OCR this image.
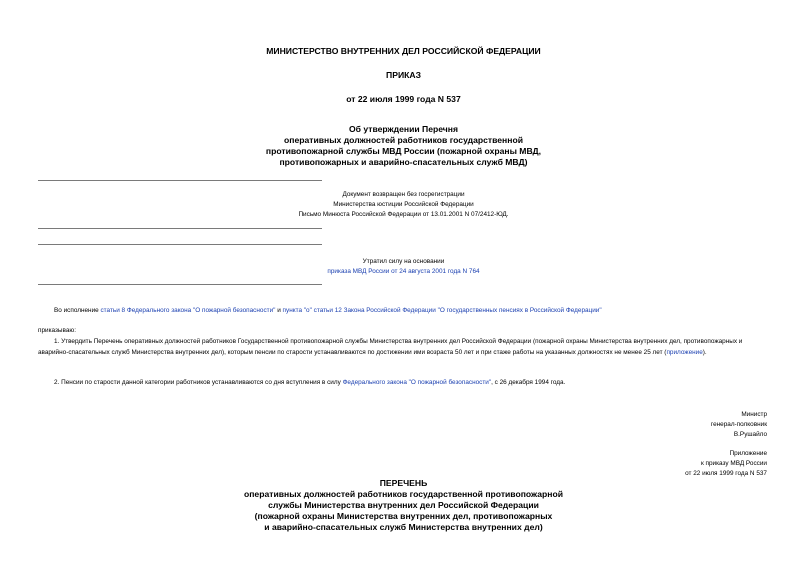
МИНИСТЕРСТВО ВНУТРЕННИХ ДЕЛ РОССИЙСКОЙ ФЕДЕРАЦИИ
ПРИКАЗ
от 22 июля 1999 года N 537
Об утверждении Перечня
оперативных должностей работников государственной
противопожарной службы МВД России (пожарной охраны МВД,
противопожарных и аварийно-спасательных служб МВД)
Документ возвращен без госрегистрации
Министерства юстиции Российской Федерации
Письмо Минюста Российской Федерации от 13.01.2001 N 07/2412-ЮД.
Утратил силу на основании
приказа МВД России от 24 августа 2001 года N 764
Во исполнение статьи 8 Федерального закона "О пожарной безопасности" и пункта "о" статьи 12 Закона Российской Федерации "О государственных пенсиях в Российской Федерации"
приказываю:
1. Утвердить Перечень оперативных должностей работников Государственной противопожарной службы Министерства внутренних дел Российской Федерации (пожарной охраны Министерства внутренних дел, противопожарных и аварийно-спасательных служб Министерства внутренних дел), которым пенсии по старости устанавливаются по достижении ими возраста 50 лет и при стаже работы на указанных должностях не менее 25 лет (приложение).
2. Пенсии по старости данной категории работников устанавливаются со дня вступления в силу Федерального закона "О пожарной безопасности", с 26 декабря 1994 года.
Министр
генерал-полковник
В.Рушайло
Приложение
к приказу МВД России
от 22 июля 1999 года N 537
ПЕРЕЧЕНЬ
оперативных должностей работников государственной противопожарной
службы Министерства внутренних дел Российской Федерации
(пожарной охраны Министерства внутренних дел, противопожарных
и аварийно-спасательных служб Министерства внутренних дел)
